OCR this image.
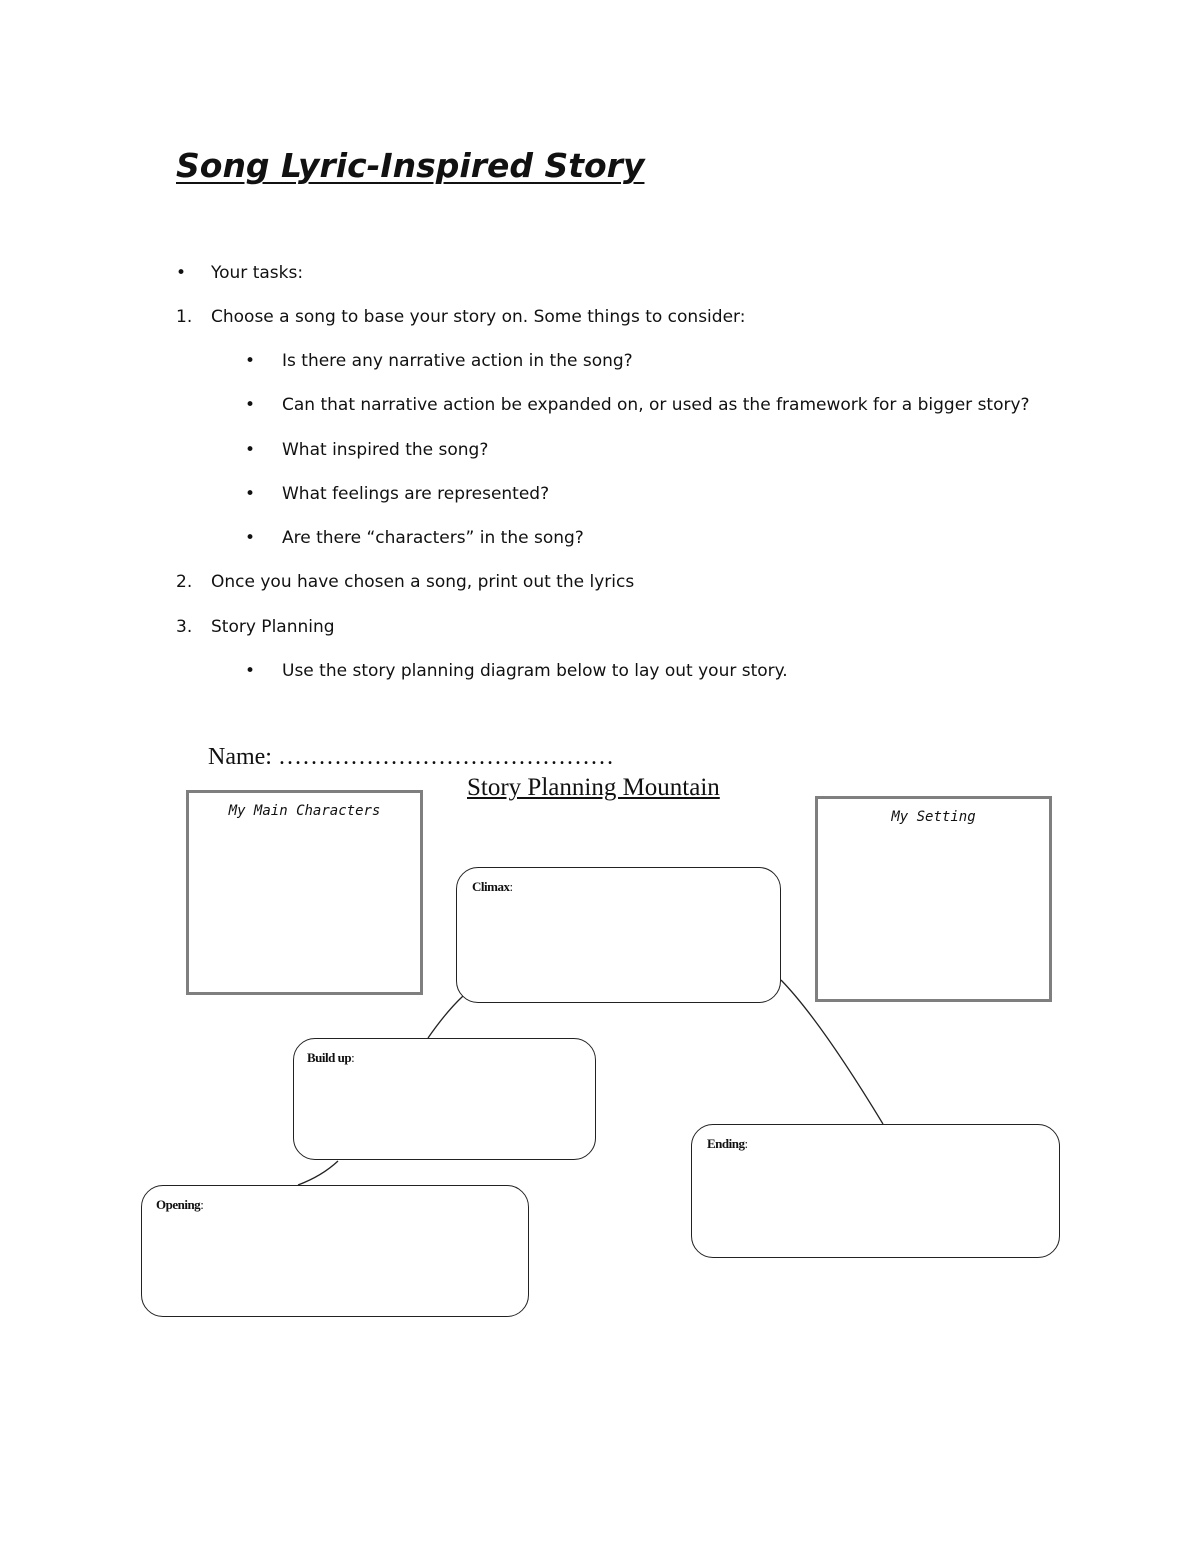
Song Lyric-Inspired Story
• Your tasks:
1. Choose a song to base your story on. Some things to consider:
• Is there any narrative action in the song?
• Can that narrative action be expanded on, or used as the framework for a bigger story?
• What inspired the song?
• What feelings are represented?
• Are there “characters” in the song?
2. Once you have chosen a song, print out the lyrics
3. Story Planning
• Use the story planning diagram below to lay out your story.
Name: ……………………………………
Story Planning Mountain
My Main Characters	My Setting
Climax:
Build up:
Ending:
Opening:
